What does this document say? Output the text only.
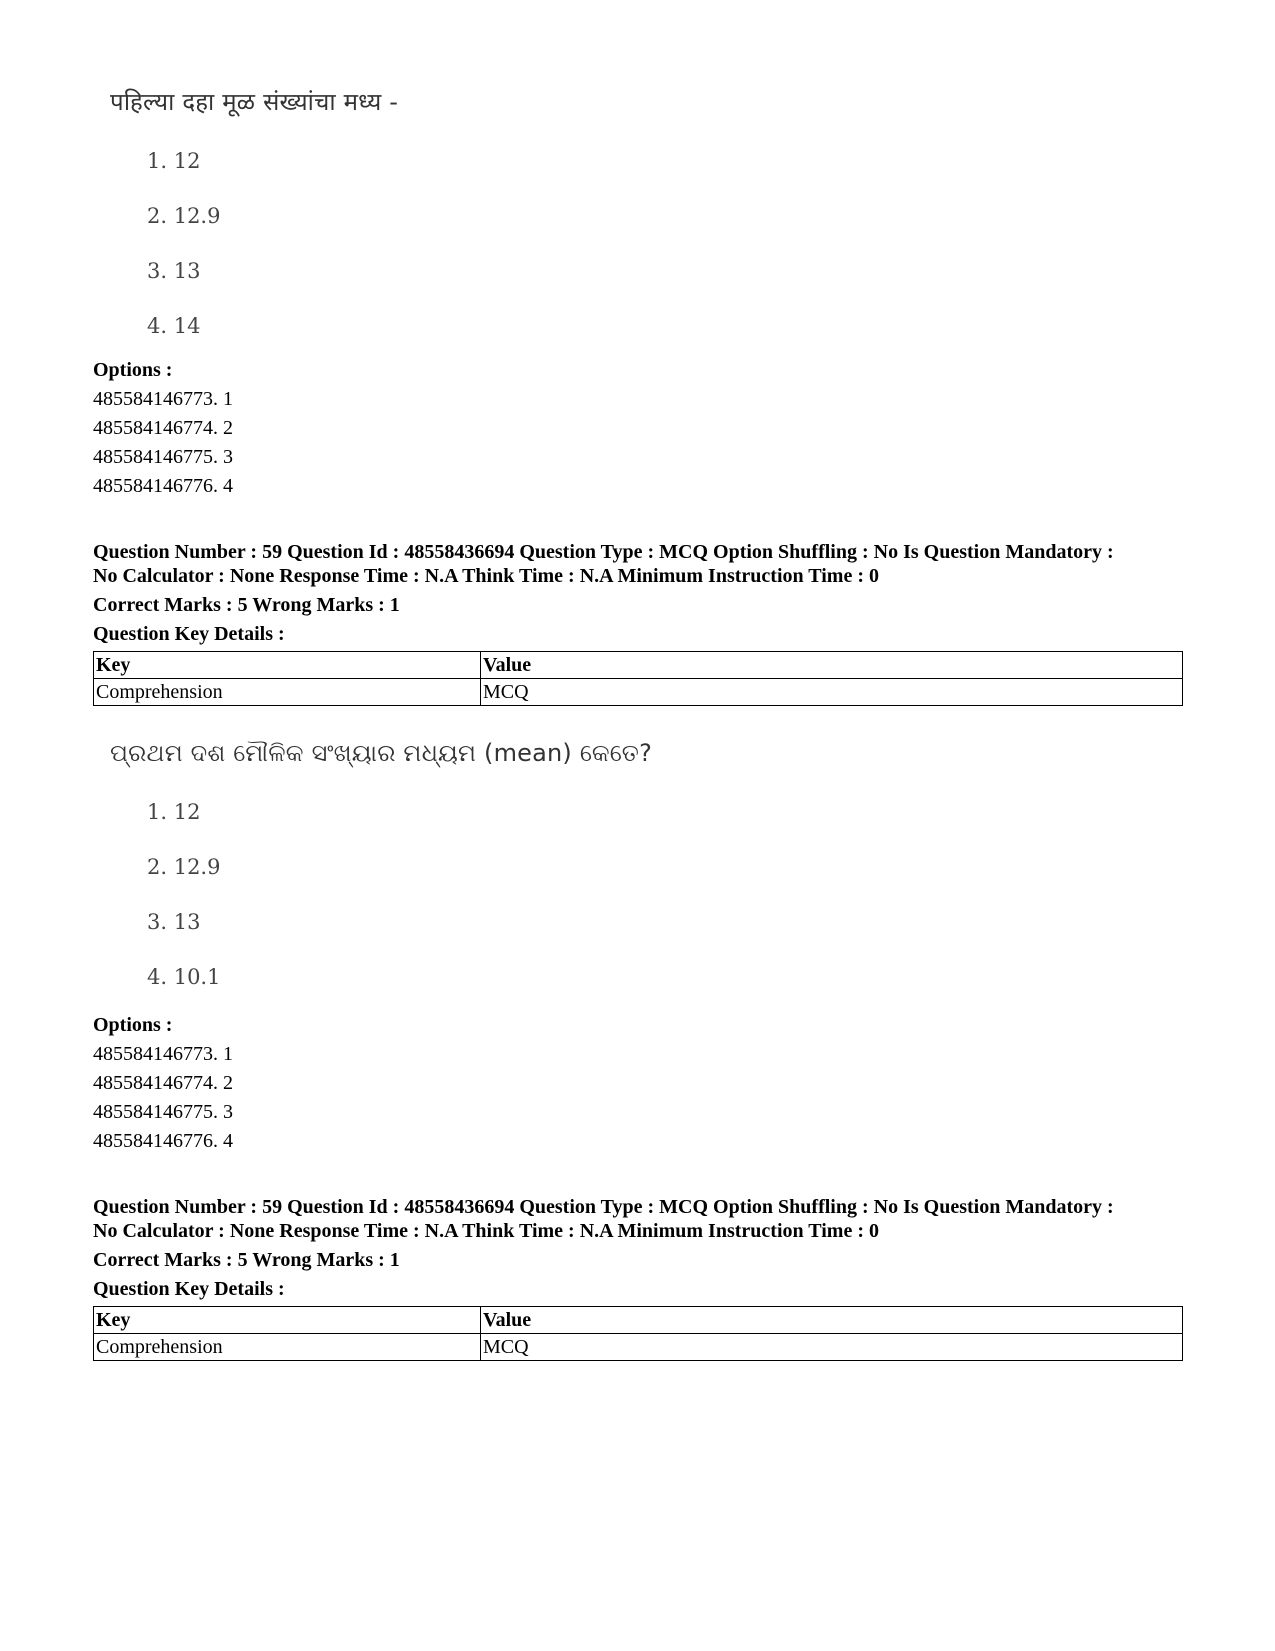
पहिल्या दहा मूळ संख्यांचा मध्य -
1. 12
2. 12.9
3. 13
4. 14
Options :
485584146773. 1
485584146774. 2
485584146775. 3
485584146776. 4
Question Number : 59 Question Id : 48558436694 Question Type : MCQ Option Shuffling : No Is Question Mandatory :
No Calculator : None Response Time : N.A Think Time : N.A Minimum Instruction Time : 0
Correct Marks : 5 Wrong Marks : 1
Question Key Details :
Key	Value
Comprehension	MCQ
ପ୍ରଥମ ଦଶ ମୌଳିକ ସଂଖ୍ୟାର ମଧ୍ୟମ (mean) କେତେ?
1. 12
2. 12.9
3. 13
4. 10.1
Options :
485584146773. 1
485584146774. 2
485584146775. 3
485584146776. 4
Question Number : 59 Question Id : 48558436694 Question Type : MCQ Option Shuffling : No Is Question Mandatory :
No Calculator : None Response Time : N.A Think Time : N.A Minimum Instruction Time : 0
Correct Marks : 5 Wrong Marks : 1
Question Key Details :
Key	Value
Comprehension	MCQ
